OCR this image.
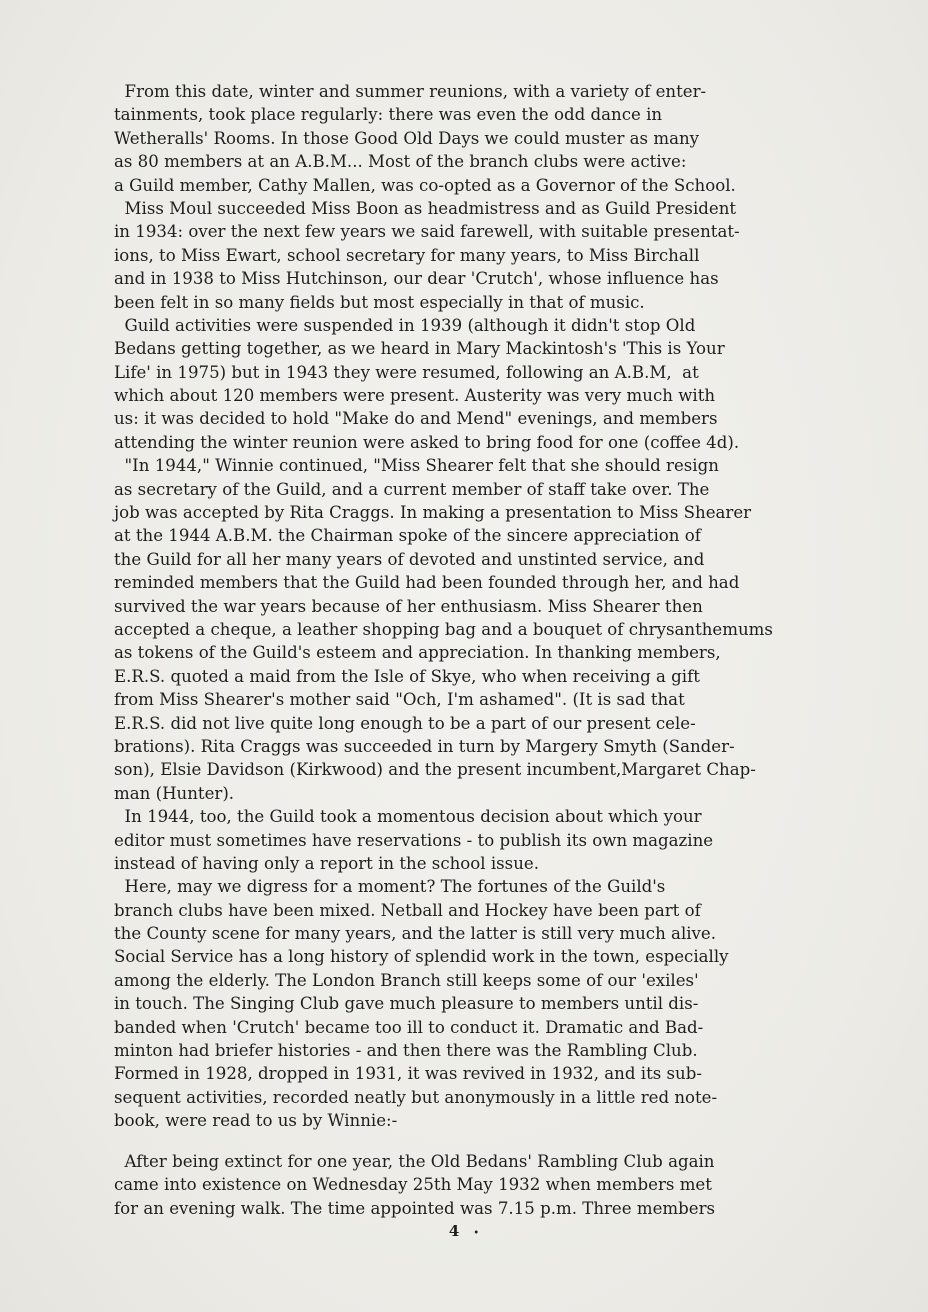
From this date, winter and summer reunions, with a variety of enter-
tainments, took place regularly: there was even the odd dance in
Wetheralls' Rooms. In those Good Old Days we could muster as many
as 80 members at an A.B.M... Most of the branch clubs were active:
a Guild member, Cathy Mallen, was co-opted as a Governor of the School.
Miss Moul succeeded Miss Boon as headmistress and as Guild President
in 1934: over the next few years we said farewell, with suitable presentat-
ions, to Miss Ewart, school secretary for many years, to Miss Birchall
and in 1938 to Miss Hutchinson, our dear 'Crutch', whose influence has
been felt in so many fields but most especially in that of music.
Guild activities were suspended in 1939 (although it didn't stop Old
Bedans getting together, as we heard in Mary Mackintosh's 'This is Your
Life' in 1975) but in 1943 they were resumed, following an A.B.M,  at
which about 120 members were present. Austerity was very much with
us: it was decided to hold "Make do and Mend" evenings, and members
attending the winter reunion were asked to bring food for one (coffee 4d).
"In 1944," Winnie continued, "Miss Shearer felt that she should resign
as secretary of the Guild, and a current member of staff take over. The
job was accepted by Rita Craggs. In making a presentation to Miss Shearer
at the 1944 A.B.M. the Chairman spoke of the sincere appreciation of
the Guild for all her many years of devoted and unstinted service, and
reminded members that the Guild had been founded through her, and had
survived the war years because of her enthusiasm. Miss Shearer then
accepted a cheque, a leather shopping bag and a bouquet of chrysanthemums
as tokens of the Guild's esteem and appreciation. In thanking members,
E.R.S. quoted a maid from the Isle of Skye, who when receiving a gift
from Miss Shearer's mother said "Och, I'm ashamed". (It is sad that
E.R.S. did not live quite long enough to be a part of our present cele-
brations). Rita Craggs was succeeded in turn by Margery Smyth (Sander-
son), Elsie Davidson (Kirkwood) and the present incumbent,Margaret Chap-
man (Hunter).
In 1944, too, the Guild took a momentous decision about which your
editor must sometimes have reservations - to publish its own magazine
instead of having only a report in the school issue.
Here, may we digress for a moment? The fortunes of the Guild's
branch clubs have been mixed. Netball and Hockey have been part of
the County scene for many years, and the latter is still very much alive.
Social Service has a long history of splendid work in the town, especially
among the elderly. The London Branch still keeps some of our 'exiles'
in touch. The Singing Club gave much pleasure to members until dis-
banded when 'Crutch' became too ill to conduct it. Dramatic and Bad-
minton had briefer histories - and then there was the Rambling Club.
Formed in 1928, dropped in 1931, it was revived in 1932, and its sub-
sequent activities, recorded neatly but anonymously in a little red note-
book, were read to us by Winnie:-
After being extinct for one year, the Old Bedans' Rambling Club again
came into existence on Wednesday 25th May 1932 when members met
for an evening walk. The time appointed was 7.15 p.m. Three members
4 •
